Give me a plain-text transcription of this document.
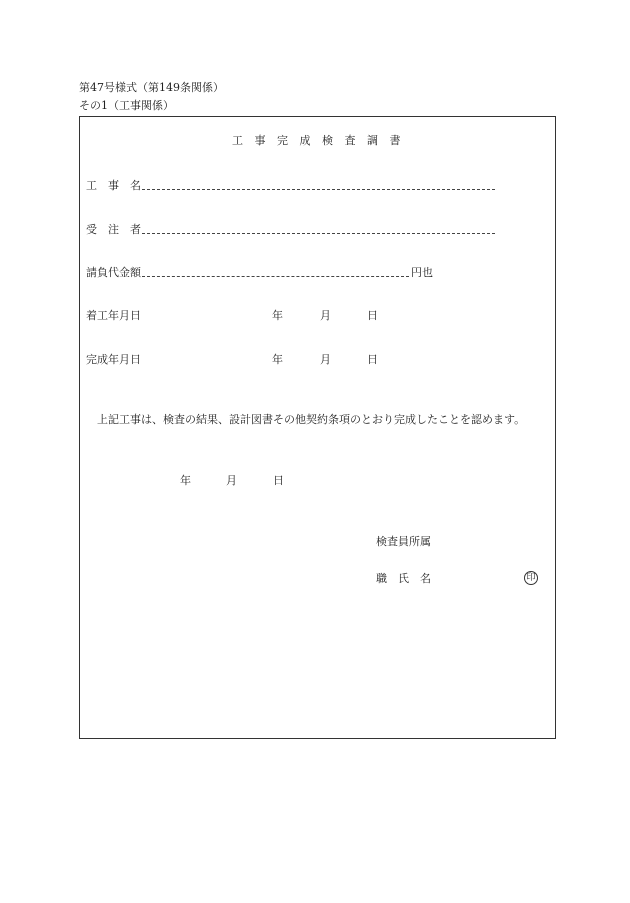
第47号様式（第149条関係）
その1（工事関係）
工事完成検査調書
工　事　名
受　注　者
請負代金額	円也
着工年月日	年	月	日
完成年月日	年	月	日
上記工事は、検査の結果、設計図書その他契約条項のとおり完成したことを認めます。
年	月	日
検査員所属
職　氏　名	印
